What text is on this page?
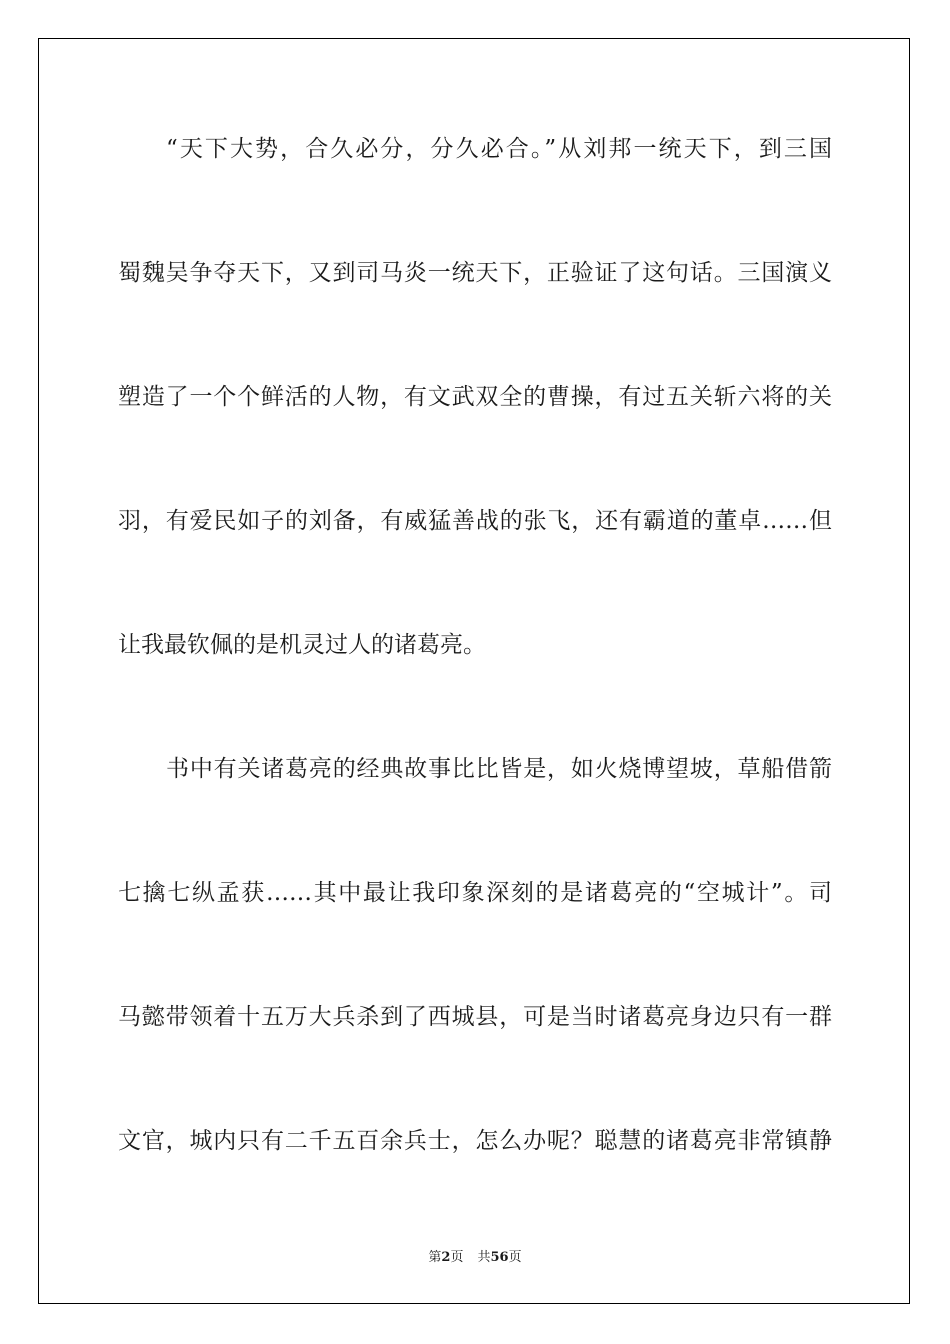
“天下大势，合久必分，分久必合。”从刘邦一统天下，到三国
蜀魏吴争夺天下，又到司马炎一统天下，正验证了这句话。三国演义
塑造了一个个鲜活的人物，有文武双全的曹操，有过五关斩六将的关
羽，有爱民如子的刘备，有威猛善战的张飞，还有霸道的董卓……但
让我最钦佩的是机灵过人的诸葛亮。
书中有关诸葛亮的经典故事比比皆是，如火烧博望坡，草船借箭
七擒七纵孟获……其中最让我印象深刻的是诸葛亮的“空城计”。司
马懿带领着十五万大兵杀到了西城县，可是当时诸葛亮身边只有一群
文官，城内只有二千五百余兵士，怎么办呢？聪慧的诸葛亮非常镇静
第2页 共56页
